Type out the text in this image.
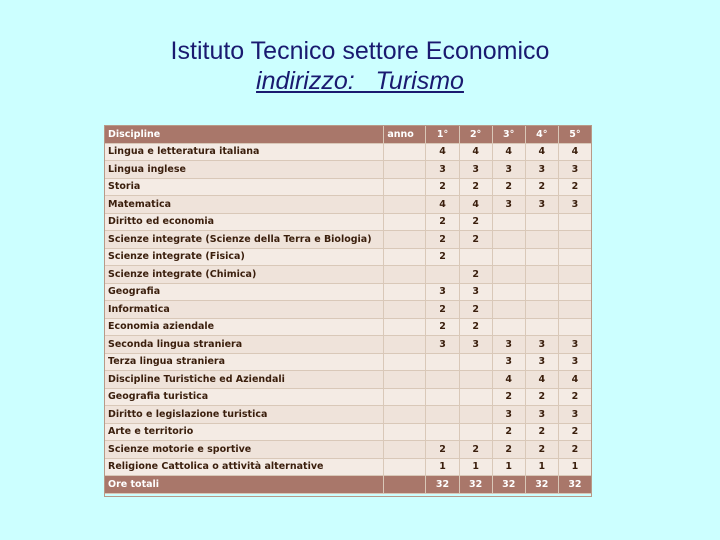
Istituto Tecnico settore Economico
indirizzo:   Turismo
Discipline	anno	1°	2°	3°	4°	5°
Lingua e letteratura italiana		4	4	4	4	4
Lingua inglese		3	3	3	3	3
Storia		2	2	2	2	2
Matematica		4	4	3	3	3
Diritto ed economia		2	2			
Scienze integrate (Scienze della Terra e Biologia)		2	2			
Scienze integrate (Fisica)		2				
Scienze integrate (Chimica)			2			
Geografia		3	3			
Informatica		2	2			
Economia aziendale		2	2			
Seconda lingua straniera		3	3	3	3	3
Terza lingua straniera				3	3	3
Discipline Turistiche ed Aziendali				4	4	4
Geografia turistica				2	2	2
Diritto e legislazione turistica				3	3	3
Arte e territorio				2	2	2
Scienze motorie e sportive		2	2	2	2	2
Religione Cattolica o attività alternative		1	1	1	1	1
Ore totali		32	32	32	32	32
